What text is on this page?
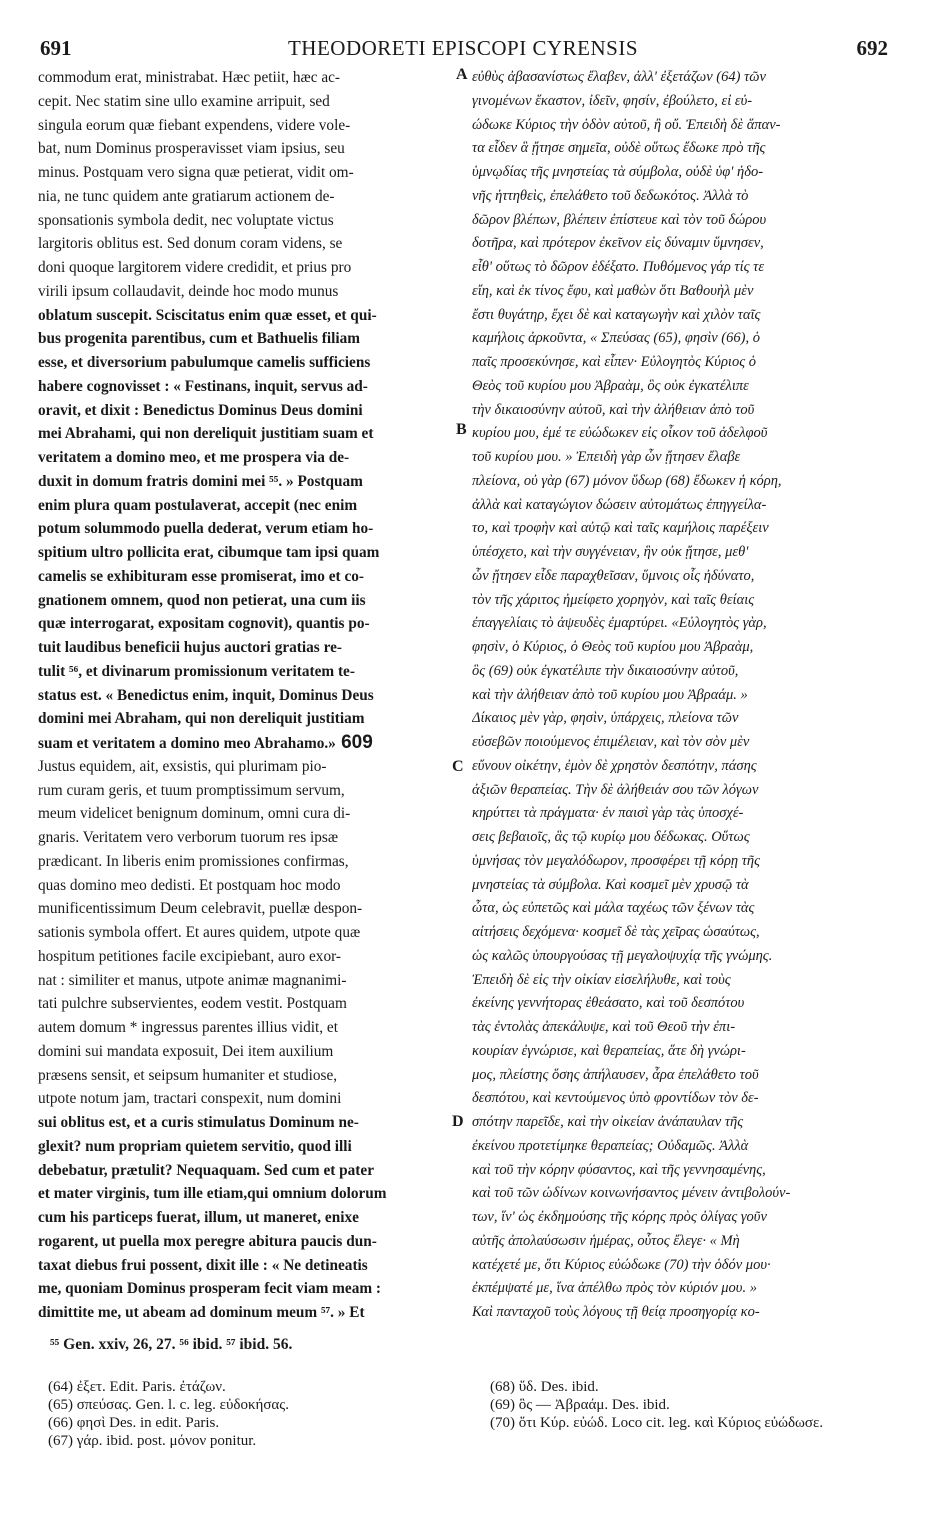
691	THEODORETI EPISCOPI CYRENSIS	692
commodum erat, ministrabat. Hæc petiit, hæc ac-
cepit. Nec statim sine ullo examine arripuit, sed
singula eorum quæ fiebant expendens, videre vole-
bat, num Dominus prosperavisset viam ipsius, seu
minus. Postquam vero signa quæ petierat, vidit om-
nia, ne tunc quidem ante gratiarum actionem de-
sponsationis symbola dedit, nec voluptate victus
largitoris oblitus est. Sed donum coram videns, se
doni quoque largitorem videre credidit, et prius pro
virili ipsum collaudavit, deinde hoc modo munus
oblatum suscepit. Sciscitatus enim quæ esset, et qui-
bus progenita parentibus, cum et Bathuelis filiam
esse, et diversorium pabulumque camelis sufficiens
habere cognovisset : « Festinans, inquit, servus ad-
oravit, et dixit : Benedictus Dominus Deus domini
mei Abrahami, qui non dereliquit justitiam suam et
veritatem a domino meo, et me prospera via de-
duxit in domum fratris domini mei ⁵⁵. » Postquam
enim plura quam postulaverat, accepit (nec enim
potum solummodo puella dederat, verum etiam ho-
spitium ultro pollicita erat, cibumque tam ipsi quam
camelis se exhibituram esse promiserat, imo et co-
gnationem omnem, quod non petierat, una cum iis
quæ interrogarat, expositam cognovit), quantis po-
tuit laudibus beneficii hujus auctori gratias re-
tulit ⁵⁶, et divinarum promissionum veritatem te-
status est. « Benedictus enim, inquit, Dominus Deus
domini mei Abraham, qui non dereliquit justitiam
suam et veritatem a domino meo Abrahamo.» 609
Justus equidem, ait, exsistis, qui plurimam pio-
rum curam geris, et tuum promptissimum servum,
meum videlicet benignum dominum, omni cura di-
gnaris. Veritatem vero verborum tuorum res ipsæ
prædicant. In liberis enim promissiones confirmas,
quas domino meo dedisti. Et postquam hoc modo
munificentissimum Deum celebravit, puellæ despon-
sationis symbola offert. Et aures quidem, utpote quæ
hospitum petitiones facile excipiebant, auro exor-
nat : similiter et manus, utpote animæ magnanimi-
tati pulchre subservientes, eodem vestit. Postquam
autem domum * ingressus parentes illius vidit, et
domini sui mandata exposuit, Dei item auxilium
præsens sensit, et seipsum humaniter et studiose,
utpote notum jam, tractari conspexit, num domini
sui oblitus est, et a curis stimulatus Dominum ne-
glexit? num propriam quietem servitio, quod illi
debebatur, prætulit? Nequaquam. Sed cum et pater
et mater virginis, tum ille etiam,qui omnium dolorum
cum his particeps fuerat, illum, ut maneret, enixe
rogarent, ut puella mox peregre abitura paucis dun-
taxat diebus frui possent, dixit ille : « Ne detineatis
me, quoniam Dominus prosperam fecit viam meam :
dimittite me, ut abeam ad dominum meum ⁵⁷. » Et
A
B
C
D
εὐθὺς ἀβασανίστως ἔλαβεν, ἀλλ' ἐξετάζων (64) τῶν
γινομένων ἕκαστον, ἰδεῖν, φησίν, ἐβούλετο, εἰ εὐ-
ώδωκε Κύριος τὴν ὁδὸν αὐτοῦ, ἢ οὔ. Ἐπειδὴ δὲ ἅπαν-
τα εἶδεν ἃ ᾔτησε σημεῖα, οὐδὲ οὕτως ἔδωκε πρὸ τῆς
ὑμνῳδίας τῆς μνηστείας τὰ σύμβολα, οὐδὲ ὑφ' ἡδο-
νῆς ἡττηθεὶς, ἐπελάθετο τοῦ δεδωκότος. Ἀλλὰ τὸ
δῶρον βλέπων, βλέπειν ἐπίστευε καὶ τὸν τοῦ δώρου
δοτῆρα, καὶ πρότερον ἐκεῖνον εἰς δύναμιν ὕμνησεν,
εἶθ' οὕτως τὸ δῶρον ἐδέξατο. Πυθόμενος γάρ τίς τε
εἴη, καὶ ἐκ τίνος ἔφυ, καὶ μαθὼν ὅτι Βαθουὴλ μὲν
ἔστι θυγάτηρ, ἔχει δὲ καὶ καταγωγὴν καὶ χιλὸν ταῖς
καμήλοις ἀρκοῦντα, « Σπεύσας (65), φησὶν (66), ὁ
παῖς προσεκύνησε, καὶ εἶπεν· Εὐλογητὸς Κύριος ὁ
Θεὸς τοῦ κυρίου μου Ἀβραὰμ, ὃς οὐκ ἐγκατέλιπε
τὴν δικαιοσύνην αὐτοῦ, καὶ τὴν ἀλήθειαν ἀπὸ τοῦ
κυρίου μου, ἐμέ τε εὐώδωκεν εἰς οἶκον τοῦ ἀδελφοῦ
τοῦ κυρίου μου. » Ἐπειδὴ γὰρ ὧν ᾔτησεν ἔλαβε
πλείονα, οὐ γὰρ (67) μόνον ὕδωρ (68) ἔδωκεν ἡ κόρη,
ἀλλὰ καὶ καταγώγιον δώσειν αὐτομάτως ἐπηγγείλα-
το, καὶ τροφὴν καὶ αὐτῷ καὶ ταῖς καμήλοις παρέξειν
ὑπέσχετο, καὶ τὴν συγγένειαν, ἣν οὐκ ᾔτησε, μεθ'
ὧν ᾔτησεν εἶδε παραχθεῖσαν, ὕμνοις οἷς ἠδύνατο,
τὸν τῆς χάριτος ἠμείφετο χορηγὸν, καὶ ταῖς θείαις
ἐπαγγελίαις τὸ ἀψευδὲς ἐμαρτύρει. «Εὐλογητὸς γὰρ,
φησὶν, ὁ Κύριος, ὁ Θεὸς τοῦ κυρίου μου Ἀβραὰμ,
ὃς (69) οὐκ ἐγκατέλιπε τὴν δικαιοσύνην αὐτοῦ,
καὶ τὴν ἀλήθειαν ἀπὸ τοῦ κυρίου μου Ἀβραάμ. »
Δίκαιος μὲν γὰρ, φησὶν, ὑπάρχεις, πλείονα τῶν
εὐσεβῶν ποιούμενος ἐπιμέλειαν, καὶ τὸν σὸν μὲν
εὔνουν οἰκέτην, ἐμὸν δὲ χρηστὸν δεσπότην, πάσης
ἀξιῶν θεραπείας. Τὴν δὲ ἀλήθειάν σου τῶν λόγων
κηρύττει τὰ πράγματα· ἐν παισὶ γὰρ τὰς ὑποσχέ-
σεις βεβαιοῖς, ἃς τῷ κυρίῳ μου δέδωκας. Οὕτως
ὑμνήσας τὸν μεγαλόδωρον, προσφέρει τῇ κόρῃ τῆς
μνηστείας τὰ σύμβολα. Καὶ κοσμεῖ μὲν χρυσῷ τὰ
ὦτα, ὡς εὐπετῶς καὶ μάλα ταχέως τῶν ξένων τὰς
αἰτήσεις δεχόμενα· κοσμεῖ δὲ τὰς χεῖρας ὡσαύτως,
ὡς καλῶς ὑπουργούσας τῇ μεγαλοψυχίᾳ τῆς γνώμης.
Ἐπειδὴ δὲ εἰς τὴν οἰκίαν εἰσελήλυθε, καὶ τοὺς
ἐκείνης γεννήτορας ἐθεάσατο, καὶ τοῦ δεσπότου
τὰς ἐντολὰς ἀπεκάλυψε, καὶ τοῦ Θεοῦ τὴν ἐπι-
κουρίαν ἐγνώρισε, καὶ θεραπείας, ἅτε δὴ γνώρι-
μος, πλείστης ὅσης ἀπήλαυσεν, ἆρα ἐπελάθετο τοῦ
δεσπότου, καὶ κεντούμενος ὑπὸ φροντίδων τὸν δε-
σπότην παρεῖδε, καὶ τὴν οἰκείαν ἀνάπαυλαν τῆς
ἐκείνου προτετίμηκε θεραπείας; Οὐδαμῶς. Ἀλλὰ
καὶ τοῦ τὴν κόρην φύσαντος, καὶ τῆς γεννησαμένης,
καὶ τοῦ τῶν ὠδίνων κοινωνήσαντος μένειν ἀντιβολούν-
των, ἵν' ὡς ἐκδημούσης τῆς κόρης πρὸς ὀλίγας γοῦν
αὐτῆς ἀπολαύσωσιν ἡμέρας, οὗτος ἔλεγε· « Μὴ
κατέχετέ με, ὅτι Κύριος εὐώδωκε (70) τὴν ὁδόν μου·
ἐκπέμψατέ με, ἵνα ἀπέλθω πρὸς τὸν κύριόν μου. »
Καὶ πανταχοῦ τοὺς λόγους τῇ θείᾳ προσηγορίᾳ κο-
⁵⁵ Gen. xxiv, 26, 27. ⁵⁶ ibid. ⁵⁷ ibid. 56.
(64) ἐξετ. Edit. Paris. ἐτάζων.
(65) σπεύσας. Gen. l. c. leg. εὐδοκήσας.
(66) φησὶ Des. in edit. Paris.
(67) γάρ. ibid. post. μόνον ponitur.
(68) ὕδ. Des. ibid.
(69) ὃς — Ἀβραάμ. Des. ibid.
(70) ὅτι Κύρ. εὐώδ. Loco cit. leg. καὶ Κύριος εὐώδωσε.
